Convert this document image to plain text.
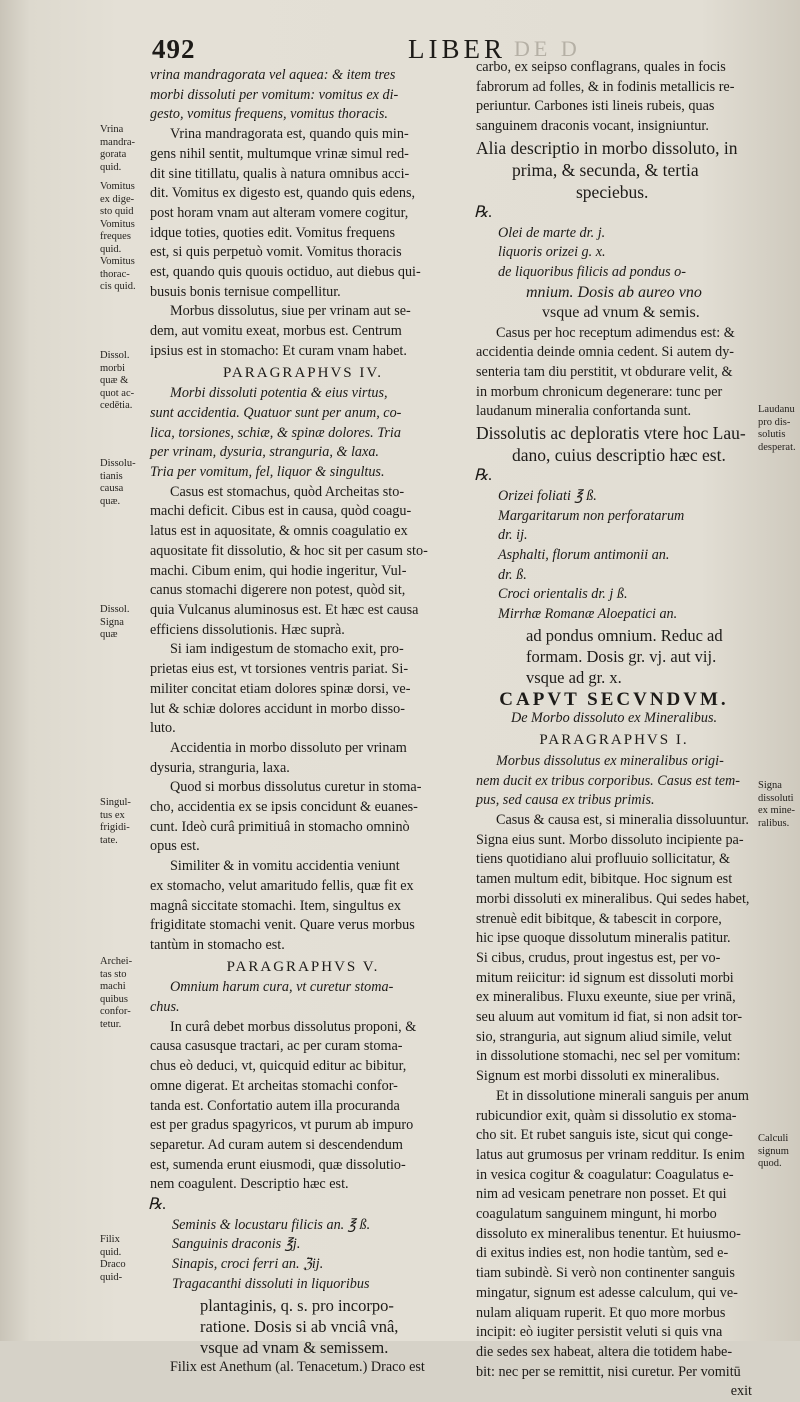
492	LIBER DE D
vrina mandragorata vel aquea: & item tres
morbi dissoluti per vomitum: vomitus ex di-
gesto, vomitus frequens, vomitus thoracis.
Vrina mandragorata est, quando quis min-
gens nihil sentit, multumque vrinæ simul red-
dit sine titillatu, qualis à natura omnibus acci-
dit. Vomitus ex digesto est, quando quis edens,
post horam vnam aut alteram vomere cogitur,
idque toties, quoties edit. Vomitus frequens
est, si quis perpetuò vomit. Vomitus thoracis
est, quando quis quouis octiduo, aut diebus qui-
busuis bonis ternisue compellitur.
Morbus dissolutus, siue per vrinam aut se-
dem, aut vomitu exeat, morbus est. Centrum
ipsius est in stomacho: Et curam vnam habet.
PARAGRAPHVS IV.
Morbi dissoluti potentia & eius virtus,
sunt accidentia. Quatuor sunt per anum, co-
lica, torsiones, schiæ, & spinæ dolores. Tria
per vrinam, dysuria, stranguria, & laxa.
Tria per vomitum, fel, liquor & singultus.
Casus est stomachus, quòd Archeitas sto-
machi deficit. Cibus est in causa, quòd coagu-
latus est in aquositate, & omnis coagulatio ex
aquositate fit dissolutio, & hoc sit per casum sto-
machi. Cibum enim, qui hodie ingeritur, Vul-
canus stomachi digerere non potest, quòd sit,
quia Vulcanus aluminosus est. Et hæc est causa
efficiens dissolutionis. Hæc suprà.
Si iam indigestum de stomacho exit, pro-
prietas eius est, vt torsiones ventris pariat. Si-
militer concitat etiam dolores spinæ dorsi, ve-
lut & schiæ dolores accidunt in morbo disso-
luto.
Accidentia in morbo dissoluto per vrinam
dysuria, stranguria, laxa.
Quod si morbus dissolutus curetur in stoma-
cho, accidentia ex se ipsis concidunt & euanes-
cunt. Ideò curâ primitiuâ in stomacho omninò
opus est.
Similiter & in vomitu accidentia veniunt
ex stomacho, velut amaritudo fellis, quæ fit ex
magnâ siccitate stomachi. Item, singultus ex
frigiditate stomachi venit. Quare verus morbus
tantùm in stomacho est.
PARAGRAPHVS V.
Omnium harum cura, vt curetur stoma-
chus.
In curâ debet morbus dissolutus proponi, &
causa casusque tractari, ac per curam stoma-
chus eò deduci, vt, quicquid editur ac bibitur,
omne digerat. Et archeitas stomachi confor-
tanda est. Confortatio autem illa procuranda
est per gradus spagyricos, vt purum ab impuro
separetur. Ad curam autem si descendendum
est, sumenda erunt eiusmodi, quæ dissolutio-
nem coagulent. Descriptio hæc est.
℞.
Seminis & locustaru filicis an. ℥ ß.
Sanguinis draconis ℥j.
Sinapis, croci ferri an. ℨij.
Tragacanthi dissoluti in liquoribus
plantaginis, q. s. pro incorpo-
ratione. Dosis si ab vnciâ vnâ,
vsque ad vnam & semissem.
Filix est Anethum (al. Tenacetum.) Draco est
carbo, ex seipso conflagrans, quales in focis
fabrorum ad folles, & in fodinis metallicis re-
periuntur. Carbones isti lineis rubeis, quas
sanguinem draconis vocant, insigniuntur.
Alia descriptio in morbo dissoluto, in
prima, & secunda, & tertia
speciebus.
℞.
Olei de marte dr. j.
liquoris orizei g. x.
de liquoribus filicis ad pondus o-
mnium. Dosis ab aureo vno
vsque ad vnum & semis.
Casus per hoc receptum adimendus est: &
accidentia deinde omnia cedent. Si autem dy-
senteria tam diu perstitit, vt obdurare velit, &
in morbum chronicum degenerare: tunc per
laudanum mineralia confortanda sunt.
Dissolutis ac deploratis vtere hoc Lau-
dano, cuius descriptio hæc est.
℞.
Orizei foliati ℥ ß.
Margaritarum non perforatarum
dr. ij.
Asphalti, florum antimonii an.
dr. ß.
Croci orientalis dr. j ß.
Mirrhæ Romanæ Aloepatici an.
ad pondus omnium. Reduc ad
formam. Dosis gr. vj. aut vij.
vsque ad gr. x.
CAPVT SECVNDVM.
De Morbo dissoluto ex Mineralibus.
PARAGRAPHVS I.
Morbus dissolutus ex mineralibus origi-
nem ducit ex tribus corporibus. Casus est tem-
pus, sed causa ex tribus primis.
Casus & causa est, si mineralia dissoluuntur.
Signa eius sunt. Morbo dissoluto incipiente pa-
tiens quotidiano alui profluuio sollicitatur, &
tamen multum edit, bibitque. Hoc signum est
morbi dissoluti ex mineralibus. Qui sedes habet,
strenuè edit bibitque, & tabescit in corpore,
hic ipse quoque dissolutum mineralis patitur.
Si cibus, crudus, prout ingestus est, per vo-
mitum reiicitur: id signum est dissoluti morbi
ex mineralibus. Fluxu exeunte, siue per vrinā,
seu aluum aut vomitum id fiat, si non adsit tor-
sio, stranguria, aut signum aliud simile, velut
in dissolutione stomachi, nec sel per vomitum:
Signum est morbi dissoluti ex mineralibus.
Et in dissolutione minerali sanguis per anum
rubicundior exit, quàm si dissolutio ex stoma-
cho sit. Et rubet sanguis iste, sicut qui conge-
latus aut grumosus per vrinam redditur. Is enim
in vesica cogitur & coagulatur: Coagulatus e-
nim ad vesicam penetrare non posset. Et qui
coagulatum sanguinem mingunt, hi morbo
dissoluto ex mineralibus tenentur. Et huiusmo-
di exitus indies est, non hodie tantùm, sed e-
tiam subindè. Si verò non continenter sanguis
mingatur, signum est adesse calculum, qui ve-
nulam aliquam ruperit. Et quo more morbus
incipit: eò iugiter persistit veluti si quis vna
die sedes sex habeat, altera die totidem habe-
bit: nec per se remittit, nisi curetur. Per vomitū
exit
Vrina
mandra-
gorata
quid.
Vomitus
ex dige-
sto quid
Vomitus
freques
quid.
Vomitus
thorac-
cis quid.
Dissol.
morbi
quæ &
quot ac-
cedētia.
Dissolu-
tianis
causa
quæ.
Dissol.
Signa
quæ
Singul-
tus ex
frigidi-
tate.
Archei-
tas sto
machi
quibus
confor-
tetur.
Filix
quid.
Draco
quid-
Laudanu
pro dis-
solutis
desperat.
Signa
dissoluti
ex mine-
ralibus.
Calculi
signum
quod.
